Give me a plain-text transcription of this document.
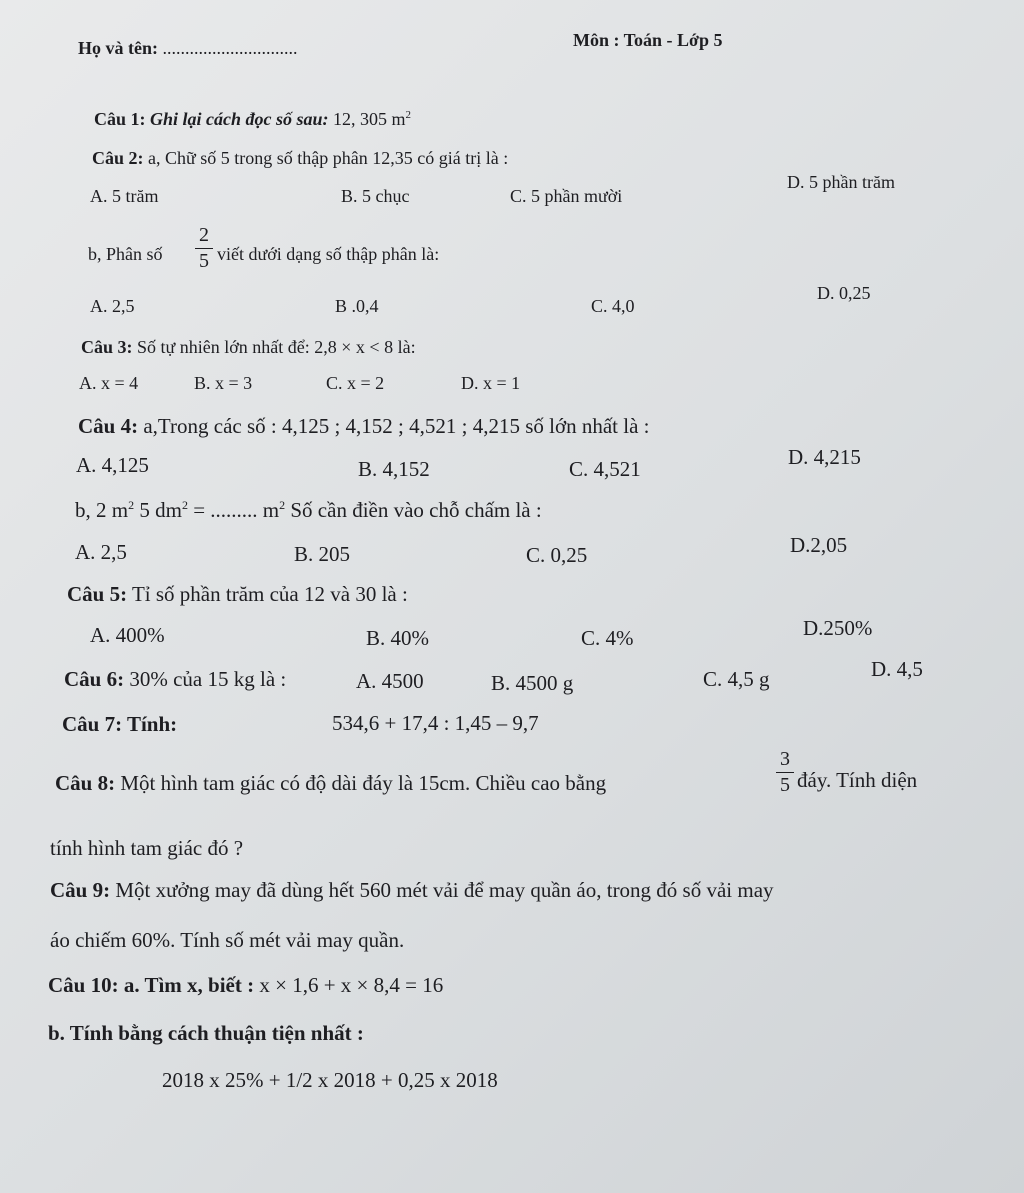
Họ và tên: ..............................	Môn : Toán - Lớp 5
Câu 1: Ghi lại cách đọc số sau: 12, 305 $m^2$
Câu 2: a, Chữ số 5 trong số thập phân 12,35 có giá trị là :
A. 5 trăm	B. 5 chục	C. 5 phần mười
D. 5 phần trăm
b, Phân số
2
5 viết dưới dạng số thập phân là:
A. 2,5	B .0,4	C. 4,0
D. 0,25
Câu 3: Số tự nhiên lớn nhất để: 2,8 × x < 8 là:
A. x = 4	B. x = 3	C. x = 2	D. x = 1
Câu 4: a,Trong các số : 4,125 ; 4,152 ; 4,521 ; 4,215 số lớn nhất là :
A. 4,125	B. 4,152	C. 4,521	D. 4,215
b, 2 $m^2$ 5 $dm^2$ = ......... $m^2$ Số cần điền vào chỗ chấm là :
A. 2,5	B. 205	C. 0,25	D.2,05
Câu 5: Tỉ số phần trăm của 12 và 30 là :
A. 400%	B. 40%	C. 4%	D.250%
Câu 6: 30% của 15 kg là :	A. 4500	B. 4500 g	C. 4,5 g	D. 4,5
Câu 7: Tính:	534,6 + 17,4 : 1,45 – 9,7
Câu 8: Một hình tam giác có độ dài đáy là 15cm. Chiều cao bằng
3
5 đáy. Tính diện
tính hình tam giác đó ?
Câu 9: Một xưởng may đã dùng hết 560 mét vải để may quần áo, trong đó số vải may
áo chiếm 60%. Tính số mét vải may quần.
Câu 10: a. Tìm x, biết : x × 1,6 + x × 8,4 = 16
b. Tính bằng cách thuận tiện nhất :
2018 x 25% + 1/2 x 2018 + 0,25 x 2018
